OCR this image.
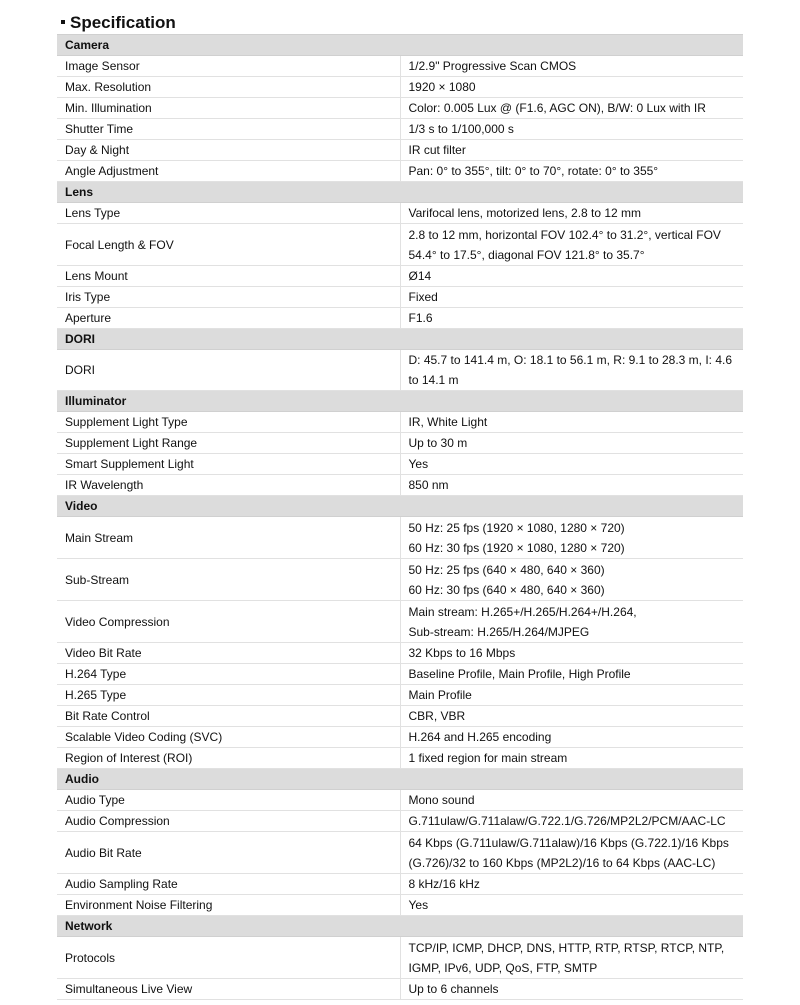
Specification
Camera	
Image Sensor	1/2.9" Progressive Scan CMOS

Max. Resolution	1920 × 1080

Min. Illumination	Color: 0.005 Lux @ (F1.6, AGC ON), B/W: 0 Lux with IR

Shutter Time	1/3 s to 1/100,000 s

Day & Night	IR cut filter

Angle Adjustment	Pan: 0° to 355°, tilt: 0° to 70°, rotate: 0° to 355°

Lens	
Lens Type	Varifocal lens, motorized lens, 2.8 to 12 mm

Focal Length & FOV	2.8 to 12 mm, horizontal FOV 102.4° to 31.2°, vertical FOV 54.4° to 17.5°, diagonal FOV 121.8° to 35.7°

Lens Mount	Ø14

Iris Type	Fixed

Aperture	F1.6

DORI	
DORI	D: 45.7 to 141.4 m, O: 18.1 to 56.1 m, R: 9.1 to 28.3 m, I: 4.6 to 14.1 m

Illuminator	
Supplement Light Type	IR, White Light

Supplement Light Range	Up to 30 m

Smart Supplement Light	Yes

IR Wavelength	850 nm

Video	
Main Stream	50 Hz: 25 fps (1920 × 1080, 1280 × 720)
60 Hz: 30 fps (1920 × 1080, 1280 × 720)

Sub-Stream	50 Hz: 25 fps (640 × 480, 640 × 360)
60 Hz: 30 fps (640 × 480, 640 × 360)

Video Compression	Main stream: H.265+/H.265/H.264+/H.264,
Sub-stream: H.265/H.264/MJPEG

Video Bit Rate	32 Kbps to 16 Mbps

H.264 Type	Baseline Profile, Main Profile, High Profile

H.265 Type	Main Profile

Bit Rate Control	CBR, VBR

Scalable Video Coding (SVC)	H.264 and H.265 encoding

Region of Interest (ROI)	1 fixed region for main stream

Audio	
Audio Type	Mono sound

Audio Compression	G.711ulaw/G.711alaw/G.722.1/G.726/MP2L2/PCM/AAC-LC

Audio Bit Rate	64 Kbps (G.711ulaw/G.711alaw)/16 Kbps (G.722.1)/16 Kbps (G.726)/32 to 160 Kbps (MP2L2)/16 to 64 Kbps (AAC-LC)

Audio Sampling Rate	8 kHz/16 kHz

Environment Noise Filtering	Yes

Network	
Protocols	TCP/IP, ICMP, DHCP, DNS, HTTP, RTP, RTSP, RTCP, NTP, IGMP, IPv6, UDP, QoS, FTP, SMTP

Simultaneous Live View	Up to 6 channels
